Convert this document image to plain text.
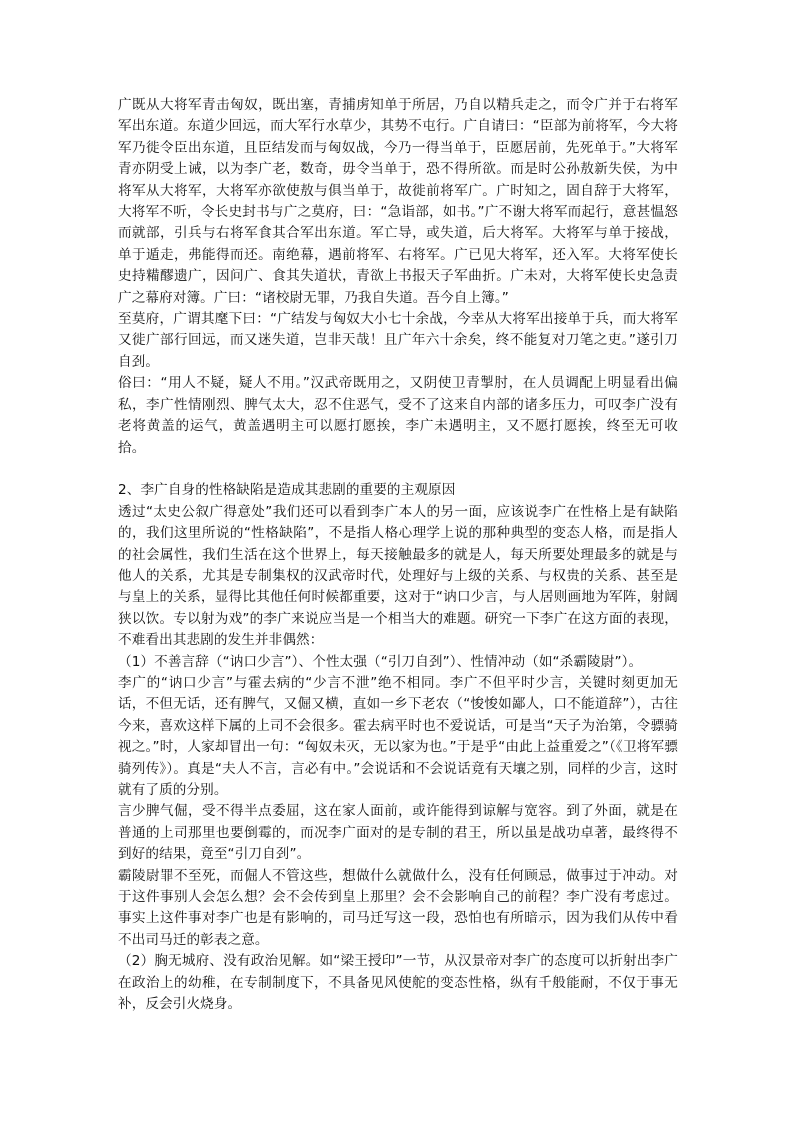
广既从大将军青击匈奴，既出塞，青捕虏知单于所居，乃自以精兵走之，而令广并于右将军军出东道。东道少回远，而大军行水草少，其势不屯行。广自请曰：“臣部为前将军，今大将军乃徙令臣出东道，且臣结发而与匈奴战，今乃一得当单于，臣愿居前，先死单于。”大将军青亦阴受上诫，以为李广老，数奇，毋令当单于，恐不得所欲。而是时公孙敖新失侯，为中将军从大将军，大将军亦欲使敖与俱当单于，故徙前将军广。广时知之，固自辞于大将军，大将军不听，令长史封书与广之莫府，曰：“急诣部，如书。”广不谢大将军而起行，意甚愠怒而就部，引兵与右将军食其合军出东道。军亡导，或失道，后大将军。大将军与单于接战，单于遁走，弗能得而还。南绝幕，遇前将军、右将军。广已见大将军，还入军。大将军使长史持糒醪遗广，因问广、食其失道状，青欲上书报天子军曲折。广未对，大将军使长史急责广之幕府对簿。广曰：“诸校尉无罪，乃我自失道。吾今自上簿。”

至莫府，广谓其麾下曰：“广结发与匈奴大小七十余战，今幸从大将军出接单于兵，而大将军又徙广部行回远，而又迷失道，岂非天哉！且广年六十余矣，终不能复对刀笔之吏。”遂引刀自刭。

俗曰：“用人不疑，疑人不用。”汉武帝既用之，又阴使卫青掣肘，在人员调配上明显看出偏私，李广性情刚烈、脾气太大，忍不住恶气，受不了这来自内部的诸多压力，可叹李广没有老将黄盖的运气，黄盖遇明主可以愿打愿挨，李广未遇明主，又不愿打愿挨，终至无可收拾。

2、李广自身的性格缺陷是造成其悲剧的重要的主观原因

透过“太史公叙广得意处”我们还可以看到李广本人的另一面，应该说李广在性格上是有缺陷的，我们这里所说的“性格缺陷”，不是指人格心理学上说的那种典型的变态人格，而是指人的社会属性，我们生活在这个世界上，每天接触最多的就是人，每天所要处理最多的就是与他人的关系，尤其是专制集权的汉武帝时代，处理好与上级的关系、与权贵的关系、甚至是与皇上的关系，显得比其他任何时候都重要，这对于“讷口少言，与人居则画地为军阵，射阔狭以饮。专以射为戏”的李广来说应当是一个相当大的难题。研究一下李广在这方面的表现，不难看出其悲剧的发生并非偶然：

（1）不善言辞（“讷口少言”）、个性太强（“引刀自刭”）、性情冲动（如“杀霸陵尉”）。

李广的“讷口少言”与霍去病的“少言不泄”绝不相同。李广不但平时少言，关键时刻更加无话，不但无话，还有脾气，又倔又横，直如一乡下老农（“悛悛如鄙人，口不能道辞”），古往今来，喜欢这样下属的上司不会很多。霍去病平时也不爱说话，可是当“天子为治第，令骠骑视之。”时，人家却冒出一句：“匈奴未灭，无以家为也。”于是乎“由此上益重爱之”（《卫将军骠骑列传》）。真是“夫人不言，言必有中。”会说话和不会说话竟有天壤之别，同样的少言，这时就有了质的分别。

言少脾气倔，受不得半点委屈，这在家人面前，或许能得到谅解与宽容。到了外面，就是在普通的上司那里也要倒霉的，而况李广面对的是专制的君王，所以虽是战功卓著，最终得不到好的结果，竟至“引刀自刭”。

霸陵尉罪不至死，而倔人不管这些，想做什么就做什么，没有任何顾忌，做事过于冲动。对于这件事别人会怎么想？会不会传到皇上那里？会不会影响自己的前程？李广没有考虑过。事实上这件事对李广也是有影响的，司马迁写这一段，恐怕也有所暗示，因为我们从传中看不出司马迁的彰表之意。

（2）胸无城府、没有政治见解。如“梁王授印”一节，从汉景帝对李广的态度可以折射出李广在政治上的幼稚，在专制制度下，不具备见风使舵的变态性格，纵有千般能耐，不仅于事无补，反会引火烧身。
